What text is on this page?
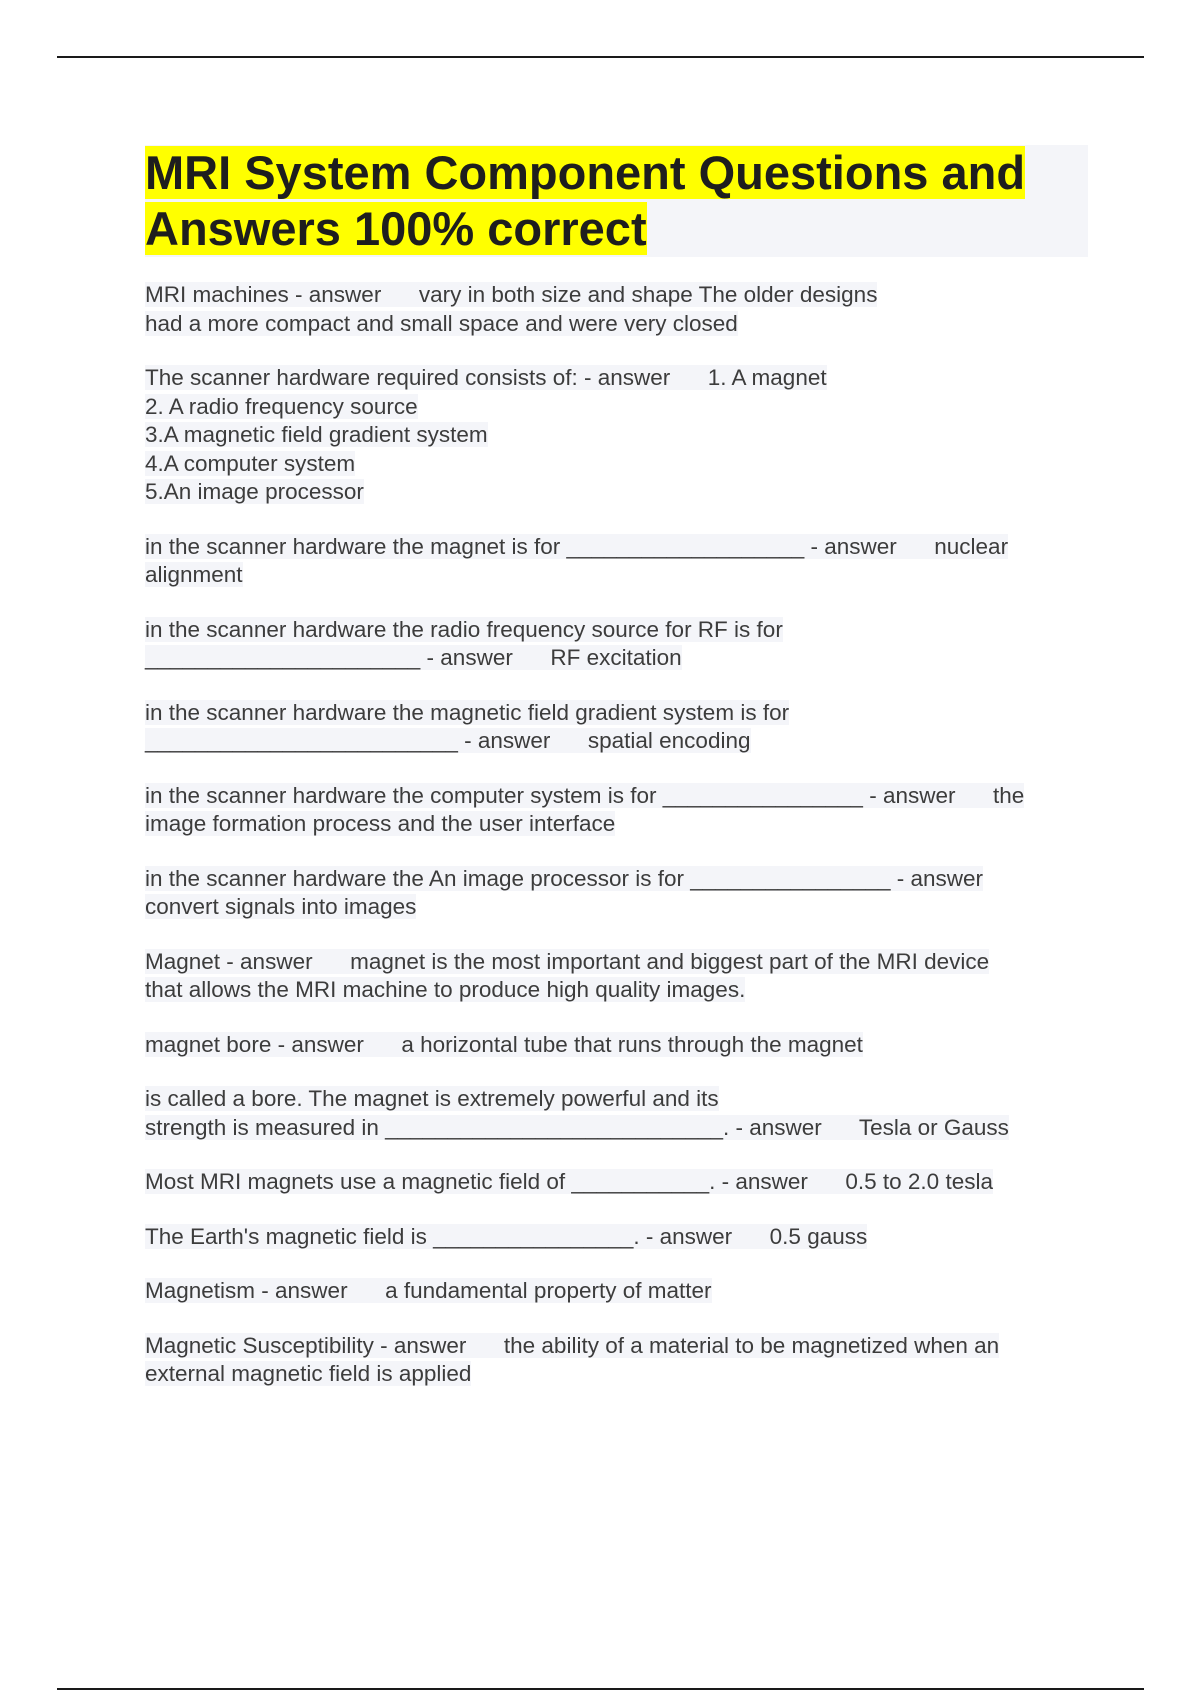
MRI System Component Questions and
Answers 100% correct
MRI machines - answer      vary in both size and shape The older designs
had a more compact and small space and were very closed
The scanner hardware required consists of: - answer      1. A magnet
2. A radio frequency source
3.A magnetic field gradient system
4.A computer system
5.An image processor
in the scanner hardware the magnet is for ___________________ - answer      nuclear
alignment
in the scanner hardware the radio frequency source for RF is for
______________________ - answer      RF excitation
in the scanner hardware the magnetic field gradient system is for
_________________________ - answer      spatial encoding
in the scanner hardware the computer system is for ________________ - answer      the
image formation process and the user interface
in the scanner hardware the An image processor is for ________________ - answer
convert signals into images
Magnet - answer      magnet is the most important and biggest part of the MRI device
that allows the MRI machine to produce high quality images.
magnet bore - answer      a horizontal tube that runs through the magnet
is called a bore. The magnet is extremely powerful and its
strength is measured in ___________________________. - answer      Tesla or Gauss
Most MRI magnets use a magnetic field of ___________. - answer      0.5 to 2.0 tesla
The Earth's magnetic field is ________________. - answer      0.5 gauss
Magnetism - answer      a fundamental property of matter
Magnetic Susceptibility - answer      the ability of a material to be magnetized when an
external magnetic field is applied
